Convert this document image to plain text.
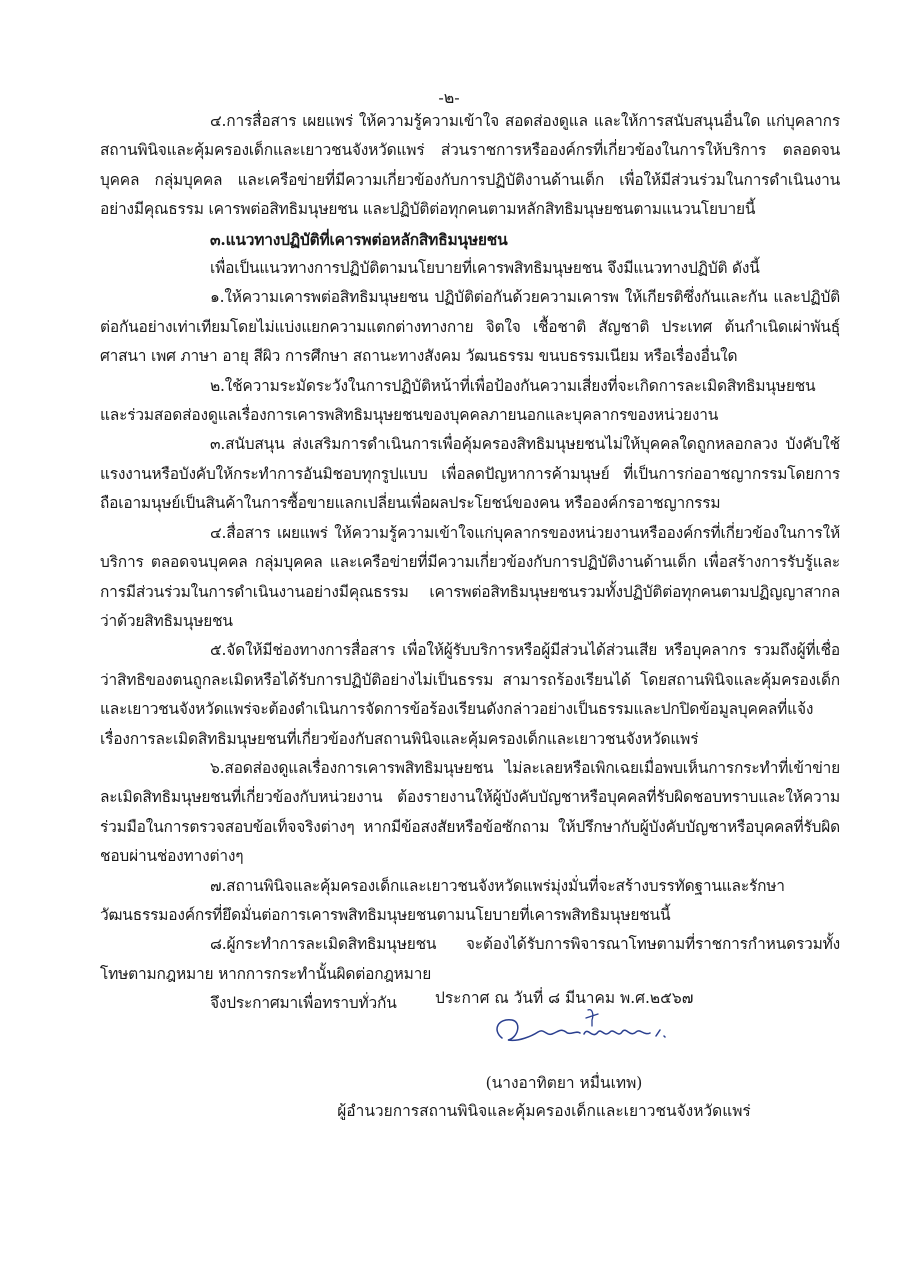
-๒-

๔.การสื่อสาร เผยแพร่ ให้ความรู้ความเข้าใจ สอดส่องดูแล และให้การสนับสนุนอื่นใด แก่บุคลากรสถานพินิจและคุ้มครองเด็กและเยาวชนจังหวัดแพร่ ส่วนราชการหรือองค์กรที่เกี่ยวข้องในการให้บริการ ตลอดจนบุคคล กลุ่มบุคคล และเครือข่ายที่มีความเกี่ยวข้องกับการปฏิบัติงานด้านเด็ก เพื่อให้มีส่วนร่วมในการดำเนินงานอย่างมีคุณธรรม เคารพต่อสิทธิมนุษยชน และปฏิบัติต่อทุกคนตามหลักสิทธิมนุษยชนตามแนวนโยบายนี้

๓.แนวทางปฏิบัติที่เคารพต่อหลักสิทธิมนุษยชน

เพื่อเป็นแนวทางการปฏิบัติตามนโยบายที่เคารพสิทธิมนุษยชน จึงมีแนวทางปฏิบัติ ดังนี้

๑.ให้ความเคารพต่อสิทธิมนุษยชน ปฏิบัติต่อกันด้วยความเคารพ ให้เกียรติซึ่งกันและกัน และปฏิบัติต่อกันอย่างเท่าเทียมโดยไม่แบ่งแยกความแตกต่างทางกาย จิตใจ เชื้อชาติ สัญชาติ ประเทศ ต้นกำเนิดเผ่าพันธุ์ ศาสนา เพศ ภาษา อายุ สีผิว การศึกษา สถานะทางสังคม วัฒนธรรม ขนบธรรมเนียม หรือเรื่องอื่นใด

๒.ใช้ความระมัดระวังในการปฏิบัติหน้าที่เพื่อป้องกันความเสี่ยงที่จะเกิดการละเมิดสิทธิมนุษยชนและร่วมสอดส่องดูแลเรื่องการเคารพสิทธิมนุษยชนของบุคคลภายนอกและบุคลากรของหน่วยงาน

๓.สนับสนุน ส่งเสริมการดำเนินการเพื่อคุ้มครองสิทธิมนุษยชนไม่ให้บุคคลใดถูกหลอกลวง บังคับใช้แรงงานหรือบังคับให้กระทำการอันมิชอบทุกรูปแบบ เพื่อลดปัญหาการค้ามนุษย์ ที่เป็นการก่ออาชญากรรมโดยการถือเอามนุษย์เป็นสินค้าในการซื้อขายแลกเปลี่ยนเพื่อผลประโยชน์ของคน หรือองค์กรอาชญากรรม

๔.สื่อสาร เผยแพร่ ให้ความรู้ความเข้าใจแก่บุคลากรของหน่วยงานหรือองค์กรที่เกี่ยวข้องในการให้บริการ ตลอดจนบุคคล กลุ่มบุคคล และเครือข่ายที่มีความเกี่ยวข้องกับการปฏิบัติงานด้านเด็ก เพื่อสร้างการรับรู้และการมีส่วนร่วมในการดำเนินงานอย่างมีคุณธรรม เคารพต่อสิทธิมนุษยชนรวมทั้งปฏิบัติต่อทุกคนตามปฏิญญาสากลว่าด้วยสิทธิมนุษยชน

๕.จัดให้มีช่องทางการสื่อสาร เพื่อให้ผู้รับบริการหรือผู้มีส่วนได้ส่วนเสีย หรือบุคลากร รวมถึงผู้ที่เชื่อว่าสิทธิของตนถูกละเมิดหรือได้รับการปฏิบัติอย่างไม่เป็นธรรม สามารถร้องเรียนได้ โดยสถานพินิจและคุ้มครองเด็กและเยาวชนจังหวัดแพร่จะต้องดำเนินการจัดการข้อร้องเรียนดังกล่าวอย่างเป็นธรรมและปกปิดข้อมูลบุคคลที่แจ้งเรื่องการละเมิดสิทธิมนุษยชนที่เกี่ยวข้องกับสถานพินิจและคุ้มครองเด็กและเยาวชนจังหวัดแพร่

๖.สอดส่องดูแลเรื่องการเคารพสิทธิมนุษยชน ไม่ละเลยหรือเพิกเฉยเมื่อพบเห็นการกระทำที่เข้าข่ายละเมิดสิทธิมนุษยชนที่เกี่ยวข้องกับหน่วยงาน ต้องรายงานให้ผู้บังคับบัญชาหรือบุคคลที่รับผิดชอบทราบและให้ความร่วมมือในการตรวจสอบข้อเท็จจริงต่างๆ หากมีข้อสงสัยหรือข้อซักถาม ให้ปรึกษากับผู้บังคับบัญชาหรือบุคคลที่รับผิดชอบผ่านช่องทางต่างๆ

๗.สถานพินิจและคุ้มครองเด็กและเยาวชนจังหวัดแพร่มุ่งมั่นที่จะสร้างบรรทัดฐานและรักษาวัฒนธรรมองค์กรที่ยึดมั่นต่อการเคารพสิทธิมนุษยชนตามนโยบายที่เคารพสิทธิมนุษยชนนี้

๘.ผู้กระทำการละเมิดสิทธิมนุษยชน จะต้องได้รับการพิจารณาโทษตามที่ราชการกำหนดรวมทั้งโทษตามกฎหมาย หากการกระทำนั้นผิดต่อกฎหมาย

จึงประกาศมาเพื่อทราบทั่วกัน	ประกาศ ณ วันที่ ๘ มีนาคม พ.ศ.๒๕๖๗
(นางอาทิตยา หมื่นเทพ)
ผู้อำนวยการสถานพินิจและคุ้มครองเด็กและเยาวชนจังหวัดแพร่
